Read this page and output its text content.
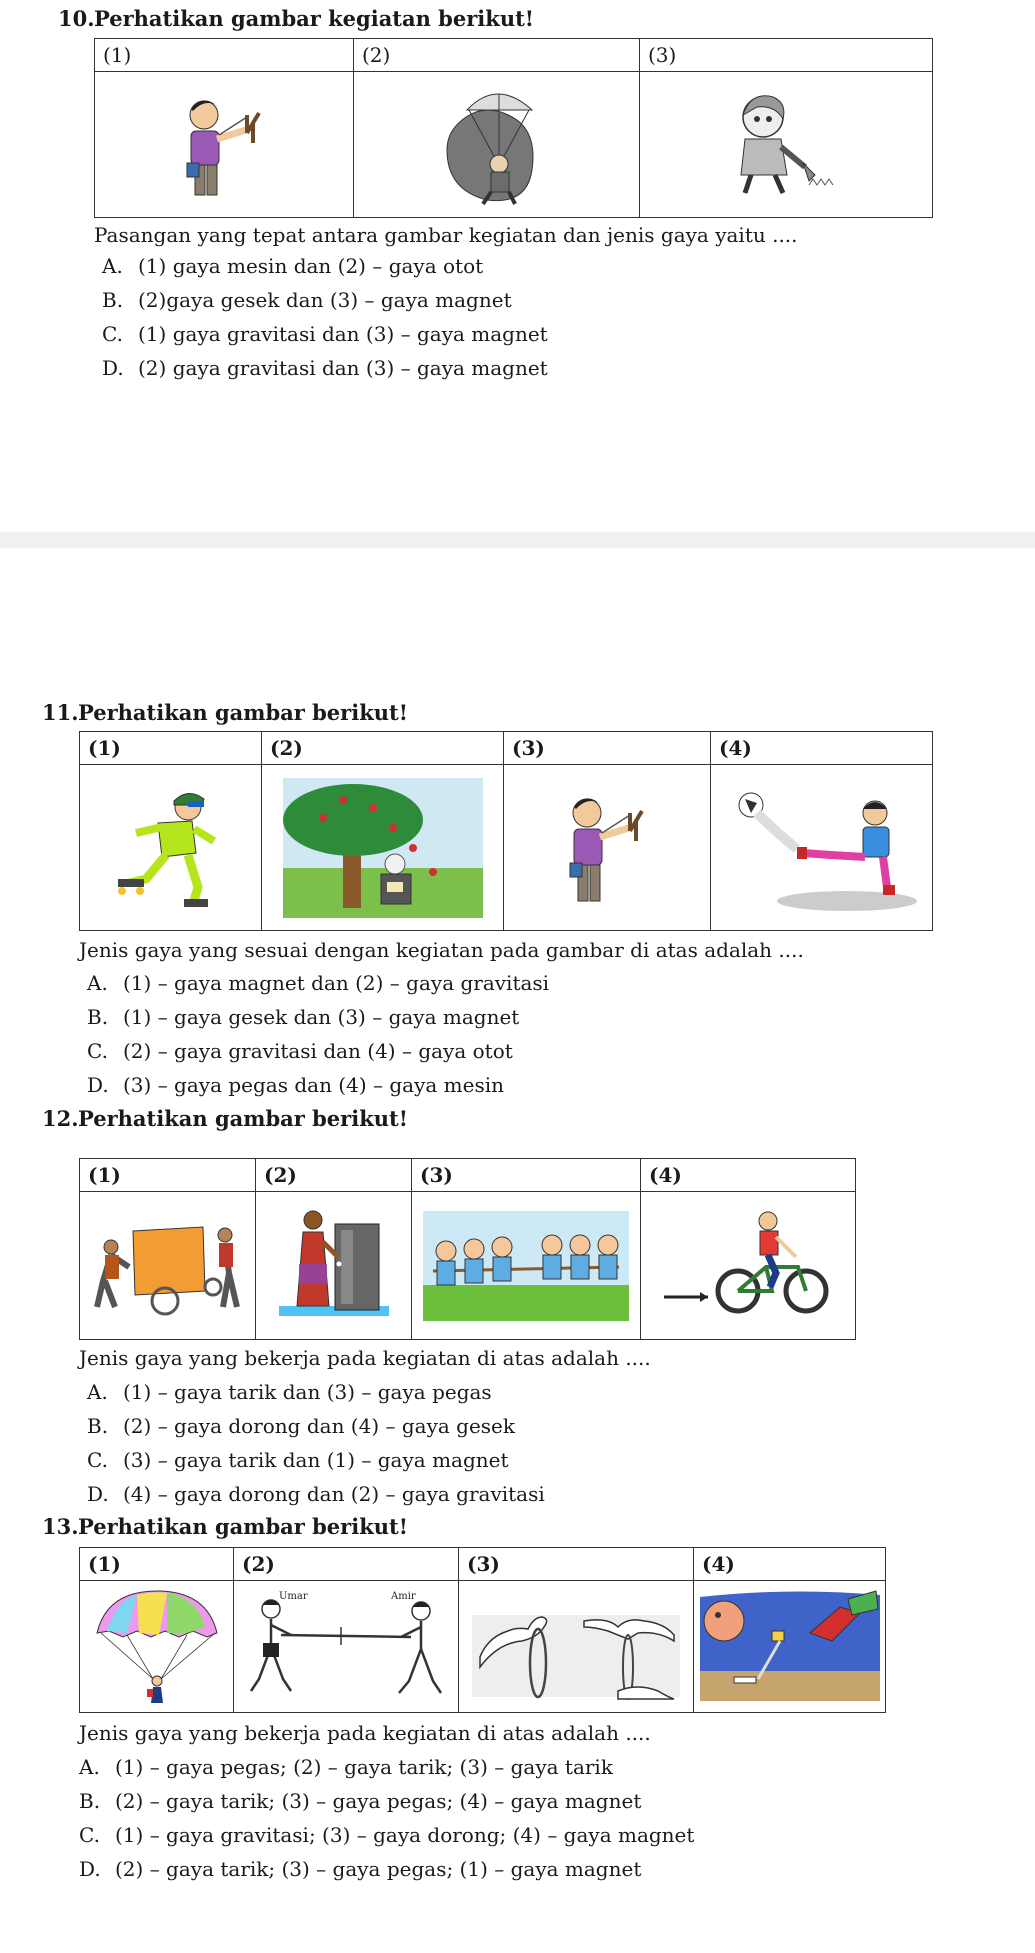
10.Perhatikan gambar kegiatan berikut!
(1)	(2)	(3)

Pasangan yang tepat antara gambar kegiatan dan jenis gaya yaitu ....
A. (1) gaya mesin dan (2) – gaya otot
B. (2)gaya gesek dan (3) – gaya magnet
C. (1) gaya gravitasi dan (3) – gaya magnet
D. (2) gaya gravitasi dan (3) – gaya magnet
11.Perhatikan gambar berikut!
(1)	(2)	(3)	(4)

Jenis gaya yang sesuai dengan kegiatan pada gambar di atas adalah ....
A. (1) – gaya magnet dan (2) – gaya gravitasi
B. (1) – gaya gesek dan (3) – gaya magnet
C. (2) – gaya gravitasi dan (4) – gaya otot
D. (3) – gaya pegas dan (4) – gaya mesin
12.Perhatikan gambar berikut!
(1)	(2)	(3)	(4)

Jenis gaya yang bekerja pada kegiatan di atas adalah ....
A. (1) – gaya tarik dan (3) – gaya pegas
B. (2) – gaya dorong dan (4) – gaya gesek
C. (3) – gaya tarik dan (1) – gaya magnet
D. (4) – gaya dorong dan (2) – gaya gravitasi
13.Perhatikan gambar berikut!
(1)	(2)	(3)	(4)

Umar Amir

Jenis gaya yang bekerja pada kegiatan di atas adalah ....
A. (1) – gaya pegas; (2) – gaya tarik; (3) – gaya tarik
B. (2) – gaya tarik; (3) – gaya pegas; (4) – gaya magnet
C. (1) – gaya gravitasi; (3) – gaya dorong; (4) – gaya magnet
D. (2) – gaya tarik; (3) – gaya pegas; (1) – gaya magnet
